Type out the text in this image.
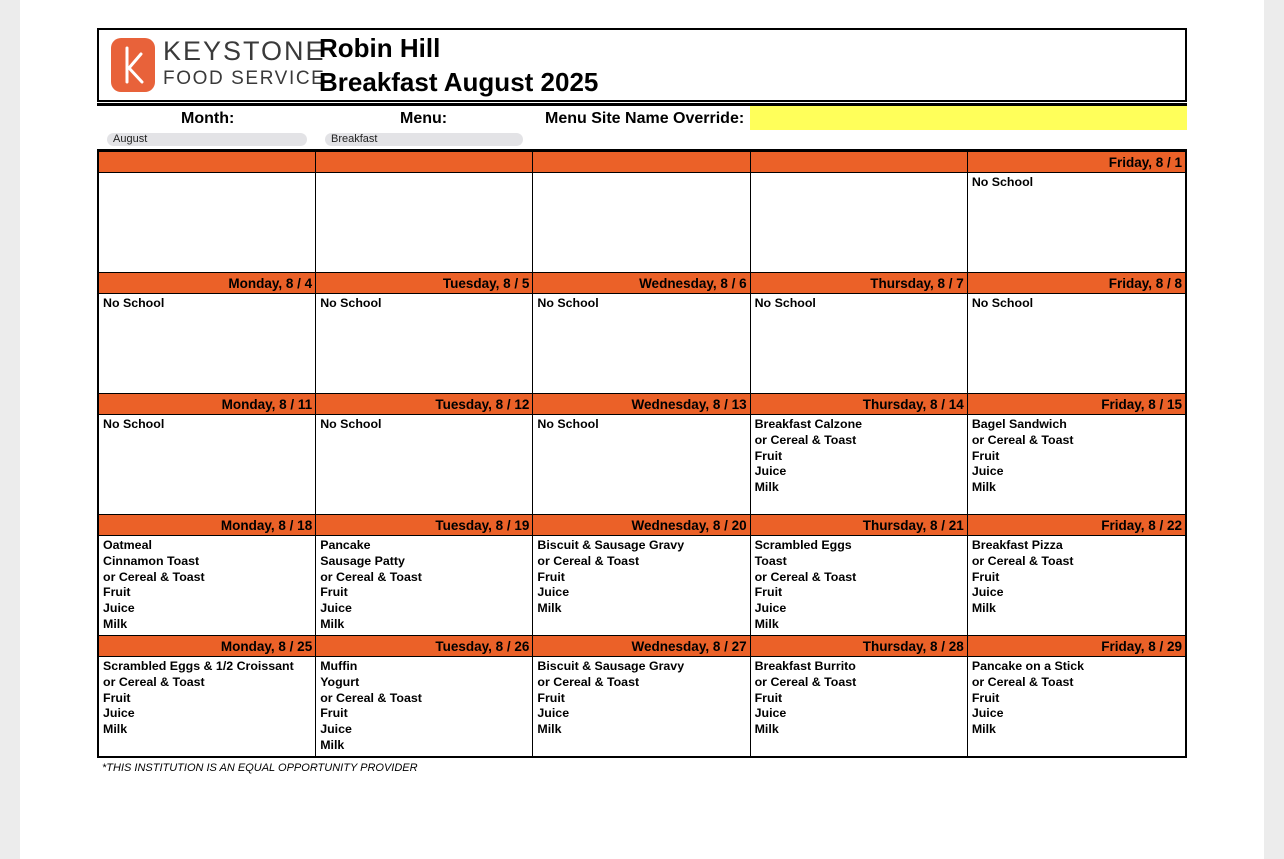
KEYSTONE
FOOD SERVICE
Robin Hill
Breakfast August 2025
Month:
August
Menu:
Breakfast
Menu Site Name Override:
Friday, 8 / 1
No School
Monday, 8 / 4
No School
Tuesday, 8 / 5
No School
Wednesday, 8 / 6
No School
Thursday, 8 / 7
No School
Friday, 8 / 8
No School
Monday, 8 / 11
No School
Tuesday, 8 / 12
No School
Wednesday, 8 / 13
No School
Thursday, 8 / 14
Breakfast Calzone
or Cereal & Toast
Fruit
Juice
Milk
Friday, 8 / 15
Bagel Sandwich
or Cereal & Toast
Fruit
Juice
Milk
Monday, 8 / 18
Oatmeal
Cinnamon Toast
or Cereal & Toast
Fruit
Juice
Milk
Tuesday, 8 / 19
Pancake
Sausage Patty
or Cereal & Toast
Fruit
Juice
Milk
Wednesday, 8 / 20
Biscuit & Sausage Gravy
or Cereal & Toast
Fruit
Juice
Milk
Thursday, 8 / 21
Scrambled Eggs
Toast
or Cereal & Toast
Fruit
Juice
Milk
Friday, 8 / 22
Breakfast Pizza
or Cereal & Toast
Fruit
Juice
Milk
Monday, 8 / 25
Scrambled Eggs & 1/2 Croissant
or Cereal & Toast
Fruit
Juice
Milk
Tuesday, 8 / 26
Muffin
Yogurt
or Cereal & Toast
Fruit
Juice
Milk
Wednesday, 8 / 27
Biscuit & Sausage Gravy
or Cereal & Toast
Fruit
Juice
Milk
Thursday, 8 / 28
Breakfast Burrito
or Cereal & Toast
Fruit
Juice
Milk
Friday, 8 / 29
Pancake on a Stick
or Cereal & Toast
Fruit
Juice
Milk
*THIS INSTITUTION IS AN EQUAL OPPORTUNITY PROVIDER
